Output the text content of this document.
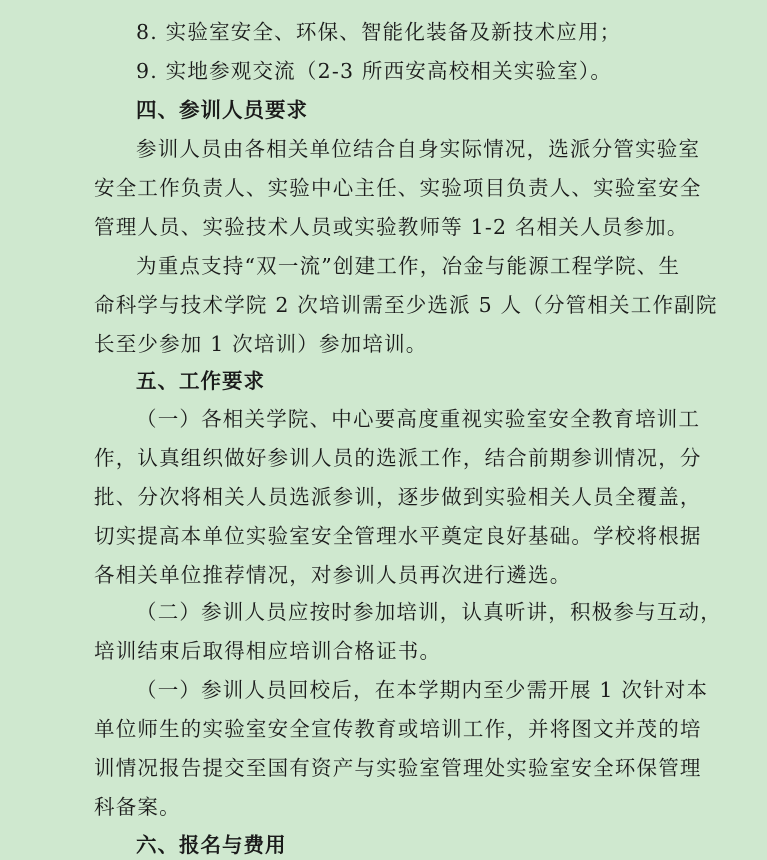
8. 实验室安全、环保、智能化装备及新技术应用；
9. 实地参观交流（2-3 所西安高校相关实验室）。
四、参训人员要求
参训人员由各相关单位结合自身实际情况，选派分管实验室
安全工作负责人、实验中心主任、实验项目负责人、实验室安全
管理人员、实验技术人员或实验教师等 1-2 名相关人员参加。
为重点支持“双一流”创建工作，冶金与能源工程学院、生
命科学与技术学院 2 次培训需至少选派 5 人（分管相关工作副院
长至少参加 1 次培训）参加培训。
五、工作要求
（一）各相关学院、中心要高度重视实验室安全教育培训工
作，认真组织做好参训人员的选派工作，结合前期参训情况，分
批、分次将相关人员选派参训，逐步做到实验相关人员全覆盖，
切实提高本单位实验室安全管理水平奠定良好基础。学校将根据
各相关单位推荐情况，对参训人员再次进行遴选。
（二）参训人员应按时参加培训，认真听讲，积极参与互动，
培训结束后取得相应培训合格证书。
（一）参训人员回校后，在本学期内至少需开展 1 次针对本
单位师生的实验室安全宣传教育或培训工作，并将图文并茂的培
训情况报告提交至国有资产与实验室管理处实验室安全环保管理
科备案。
六、报名与费用
